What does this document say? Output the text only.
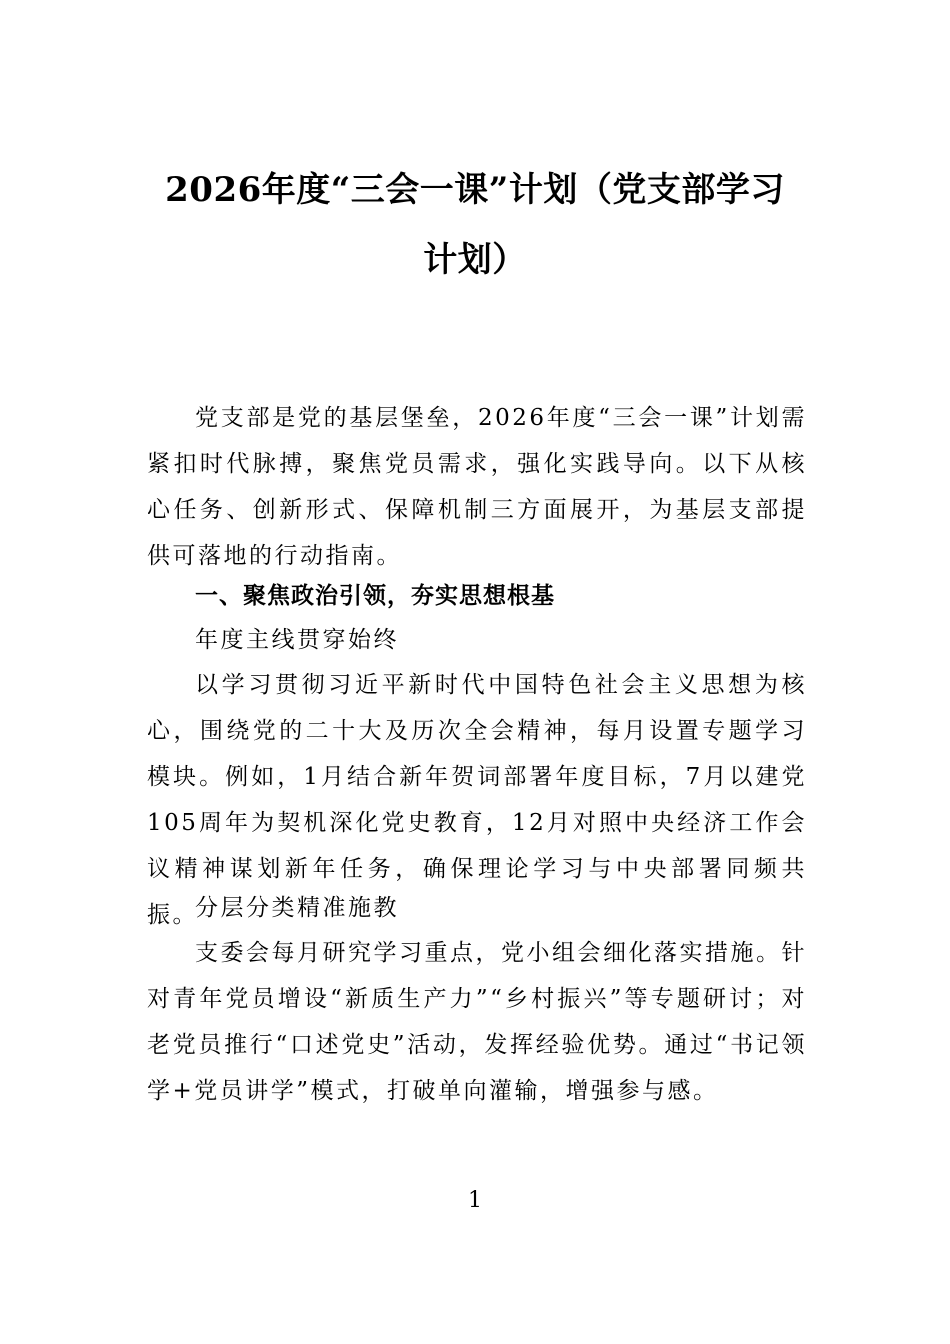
2026年度“三会一课”计划（党支部学习
计划）

党支部是党的基层堡垒，2026年度“三会一课”计划需紧扣时代脉搏，聚焦党员需求，强化实践导向。以下从核心任务、创新形式、保障机制三方面展开，为基层支部提供可落地的行动指南。

一、聚焦政治引领，夯实思想根基

年度主线贯穿始终

以学习贯彻习近平新时代中国特色社会主义思想为核心，围绕党的二十大及历次全会精神，每月设置专题学习模块。例如，1月结合新年贺词部署年度目标，7月以建党105周年为契机深化党史教育，12月对照中央经济工作会议精神谋划新年任务，确保理论学习与中央部署同频共振。

分层分类精准施教

支委会每月研究学习重点，党小组会细化落实措施。针对青年党员增设“新质生产力”“乡村振兴”等专题研讨；对老党员推行“口述党史”活动，发挥经验优势。通过“书记领学+党员讲学”模式，打破单向灌输，增强参与感。

1
